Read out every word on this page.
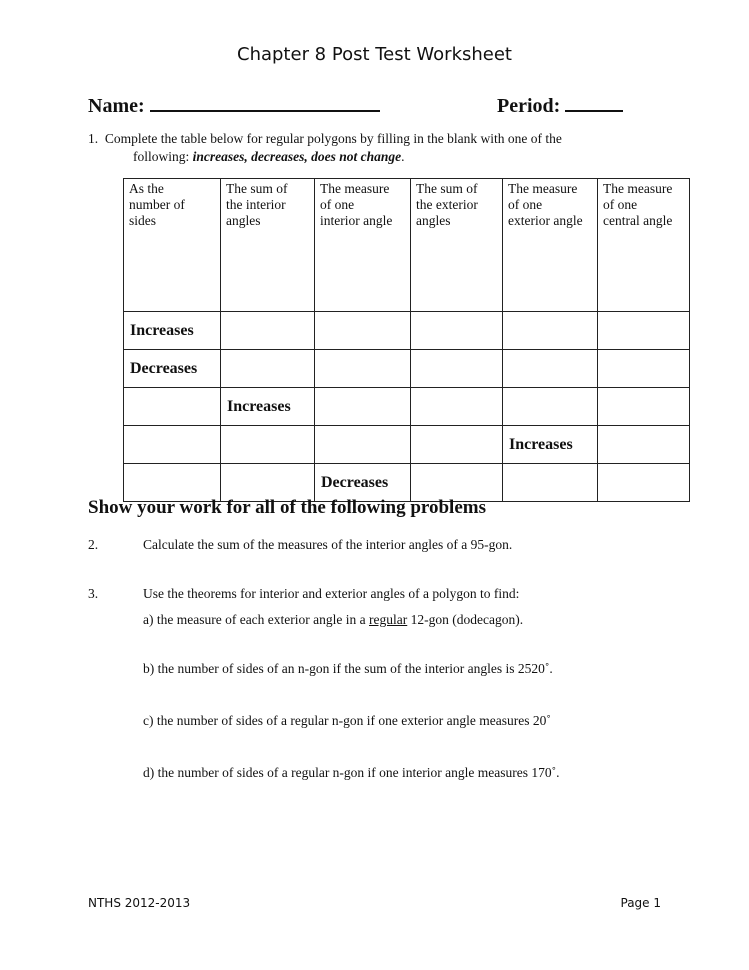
Chapter 8 Post Test Worksheet
Name:	Period:
1. Complete the table below for regular polygons by filling in the blank with one of the
following: increases, decreases, does not change.
As the
number of
sides	The sum of
the interior
angles	The measure
of one
interior angle	The sum of
the exterior
angles	The measure
of one
exterior angle	The measure
of one
central angle
Increases					
Decreases					
	Increases				
				Increases	
		Decreases			
Show your work for all of the following problems
2.	Calculate the sum of the measures of the interior angles of a 95-gon.
3.	Use the theorems for interior and exterior angles of a polygon to find:
a) the measure of each exterior angle in a regular 12-gon (dodecagon).
b) the number of sides of an n-gon if the sum of the interior angles is 2520˚.
c) the number of sides of a regular n-gon if one exterior angle measures 20˚
d) the number of sides of a regular n-gon if one interior angle measures 170˚.
NTHS 2012-2013	Page 1
